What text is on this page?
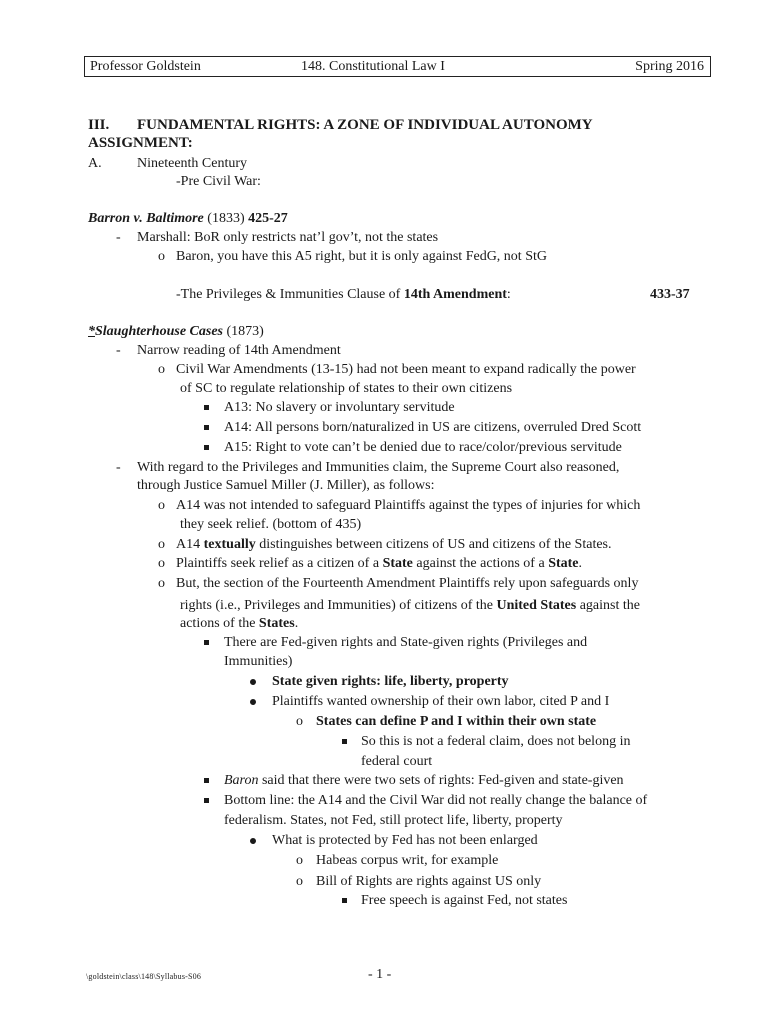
Professor Goldstein	148. Constitutional Law I	Spring 2016
III. FUNDAMENTAL RIGHTS: A ZONE OF INDIVIDUAL AUTONOMY
ASSIGNMENT:
A.	Nineteenth Century
-Pre Civil War:
Barron v. Baltimore (1833) 425-27
- Marshall: BoR only restricts nat’l gov’t, not the states
o Baron, you have this A5 right, but it is only against FedG, not StG
-The Privileges & Immunities Clause of 14th Amendment:	433-37
*Slaughterhouse Cases (1873)
- Narrow reading of 14th Amendment
o Civil War Amendments (13-15) had not been meant to expand radically the power
of SC to regulate relationship of states to their own citizens
A13: No slavery or involuntary servitude
A14: All persons born/naturalized in US are citizens, overruled Dred Scott
A15: Right to vote can’t be denied due to race/color/previous servitude
- With regard to the Privileges and Immunities claim, the Supreme Court also reasoned,
through Justice Samuel Miller (J. Miller), as follows:
o A14 was not intended to safeguard Plaintiffs against the types of injuries for which
they seek relief. (bottom of 435)
o A14 textually distinguishes between citizens of US and citizens of the States.
o Plaintiffs seek relief as a citizen of a State against the actions of a State.
o But, the section of the Fourteenth Amendment Plaintiffs rely upon safeguards only
rights (i.e., Privileges and Immunities) of citizens of the United States against the
actions of the States.
There are Fed-given rights and State-given rights (Privileges and
Immunities)
State given rights: life, liberty, property
Plaintiffs wanted ownership of their own labor, cited P and I
o States can define P and I within their own state
So this is not a federal claim, does not belong in
federal court
Baron said that there were two sets of rights: Fed-given and state-given
Bottom line: the A14 and the Civil War did not really change the balance of
federalism. States, not Fed, still protect life, liberty, property
What is protected by Fed has not been enlarged
o Habeas corpus writ, for example
o Bill of Rights are rights against US only
Free speech is against Fed, not states
\goldstein\class\148\Syllabus-S06	- 1 -
